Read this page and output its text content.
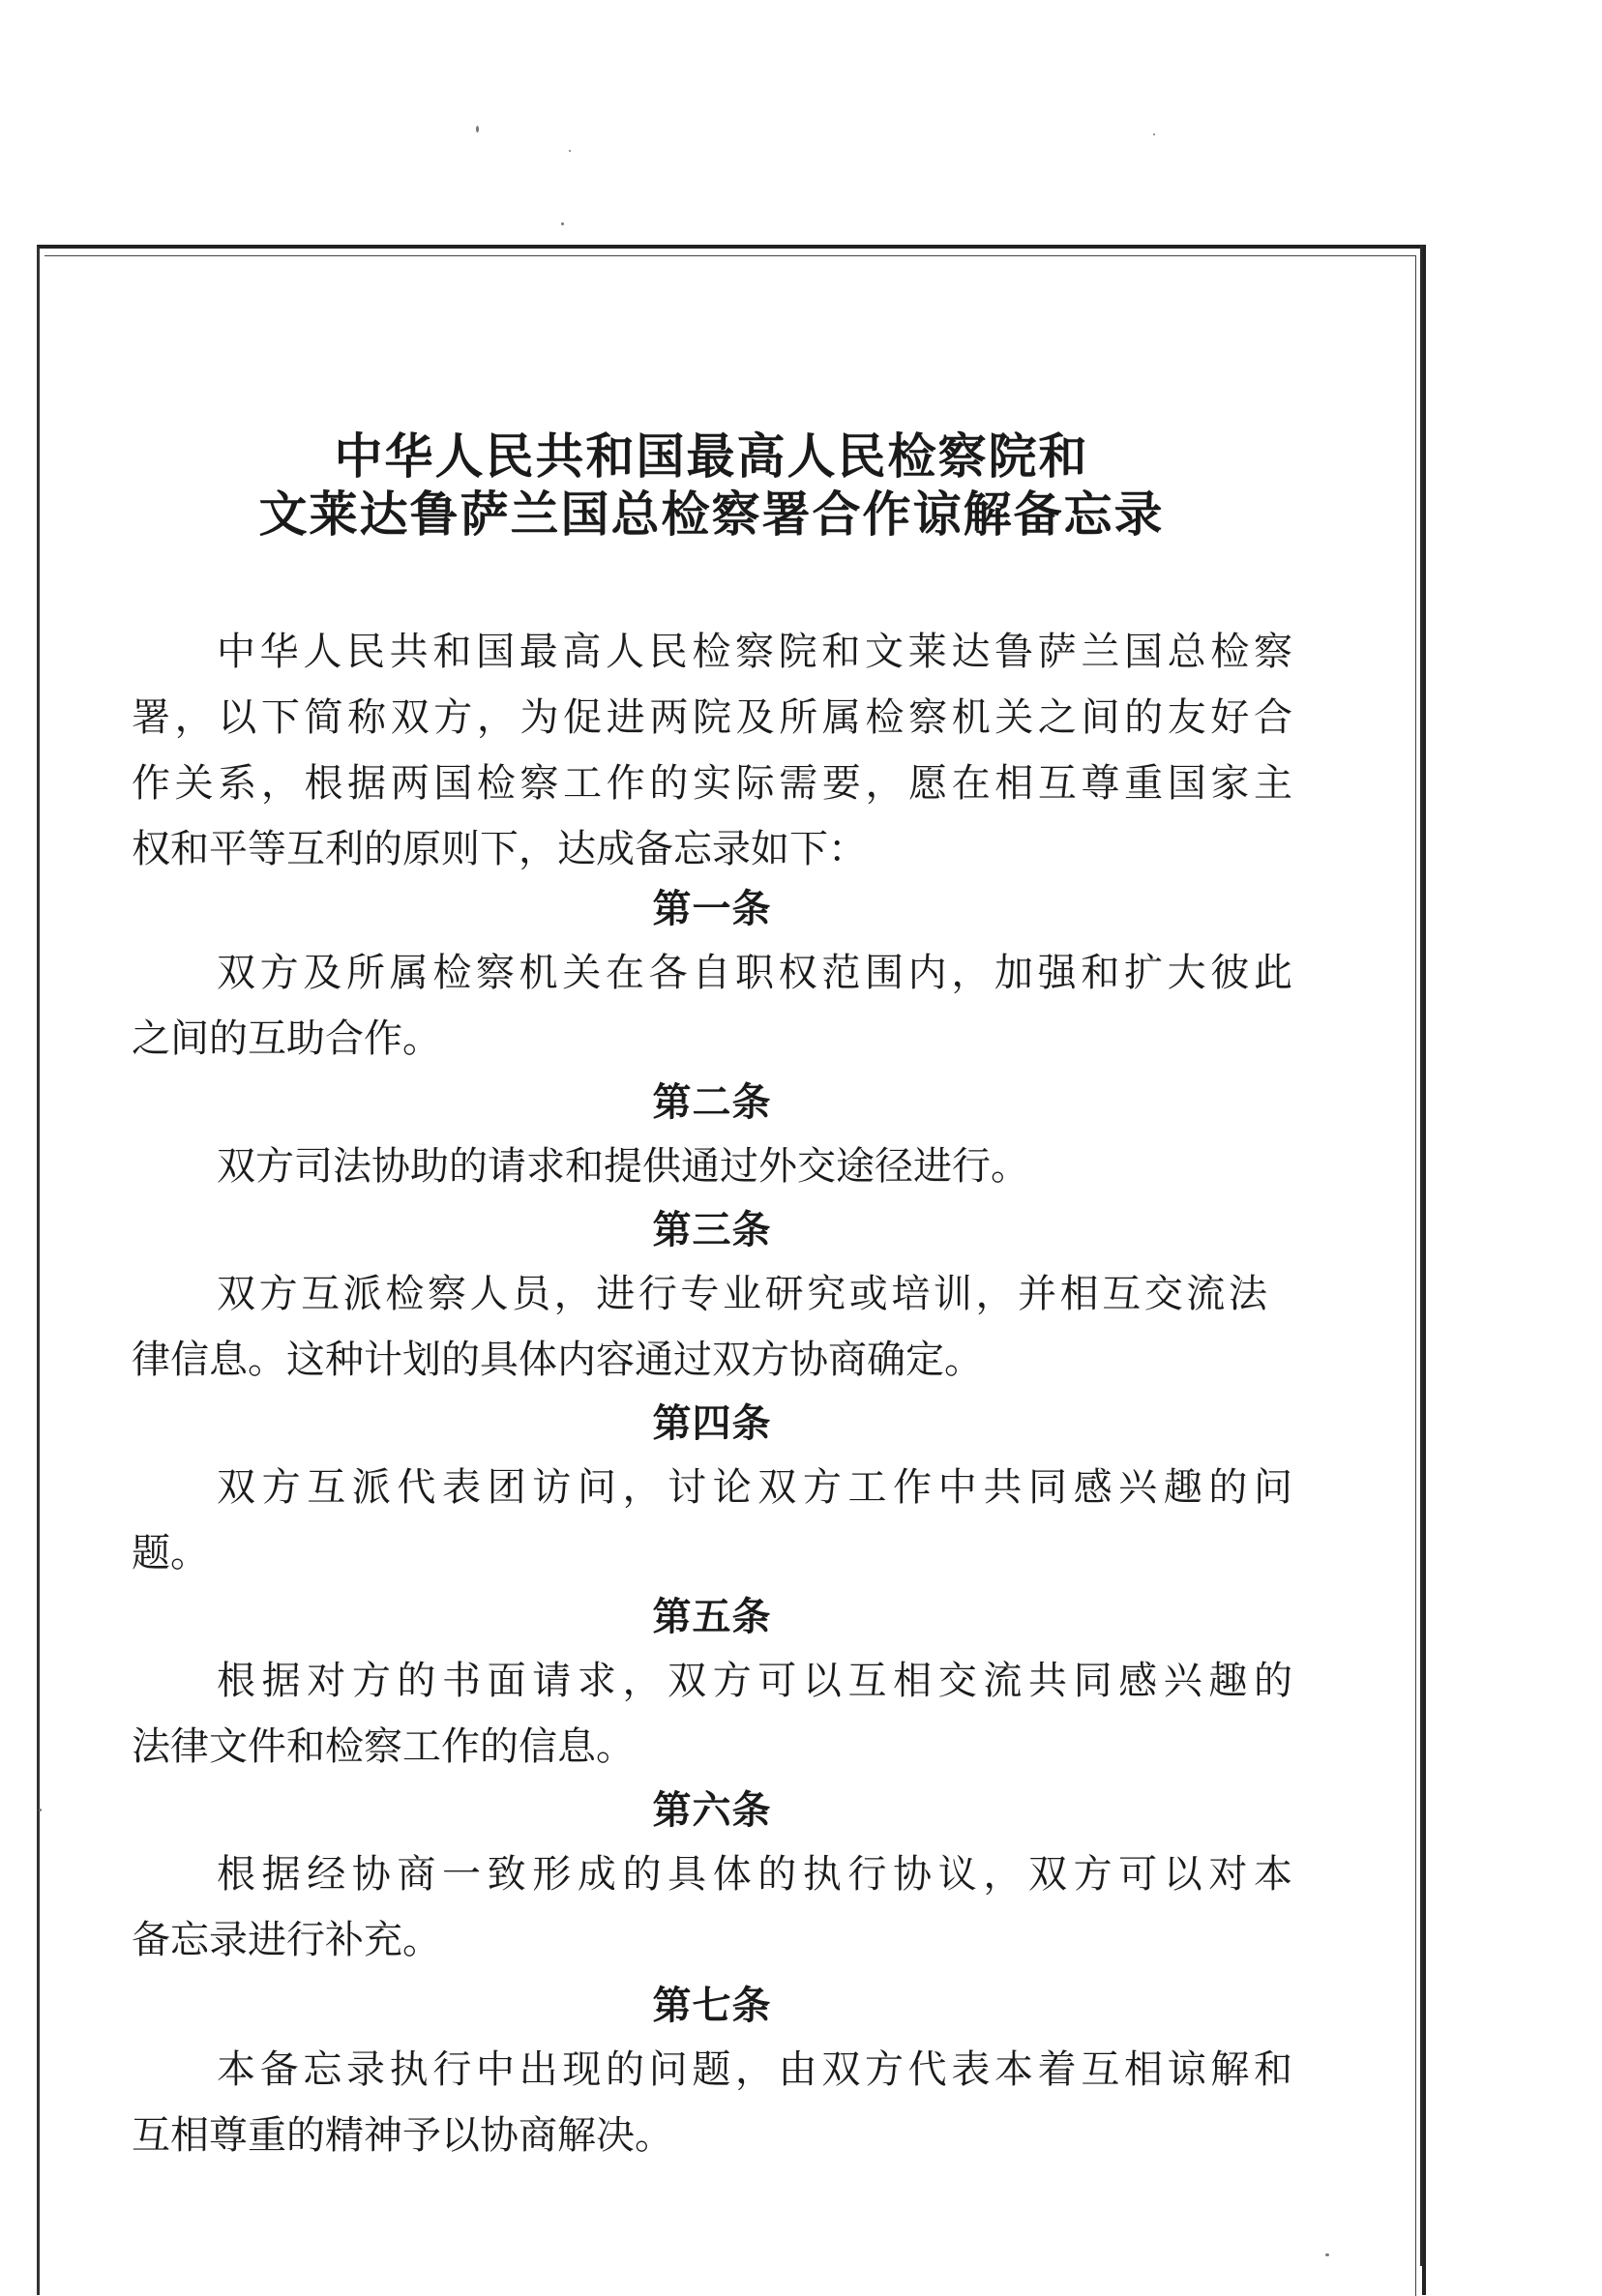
中华人民共和国最高人民检察院和
文莱达鲁萨兰国总检察署合作谅解备忘录
中华人民共和国最高人民检察院和文莱达鲁萨兰国总检察
署，以下简称双方，为促进两院及所属检察机关之间的友好合
作关系，根据两国检察工作的实际需要，愿在相互尊重国家主
权和平等互利的原则下，达成备忘录如下：
第一条
双方及所属检察机关在各自职权范围内，加强和扩大彼此
之间的互助合作。
第二条
双方司法协助的请求和提供通过外交途径进行。
第三条
双方互派检察人员，进行专业研究或培训，并相互交流法
律信息。这种计划的具体内容通过双方协商确定。
第四条
双方互派代表团访问，讨论双方工作中共同感兴趣的问
题。
第五条
根据对方的书面请求，双方可以互相交流共同感兴趣的
法律文件和检察工作的信息。
第六条
根据经协商一致形成的具体的执行协议，双方可以对本
备忘录进行补充。
第七条
本备忘录执行中出现的问题，由双方代表本着互相谅解和
互相尊重的精神予以协商解决。
